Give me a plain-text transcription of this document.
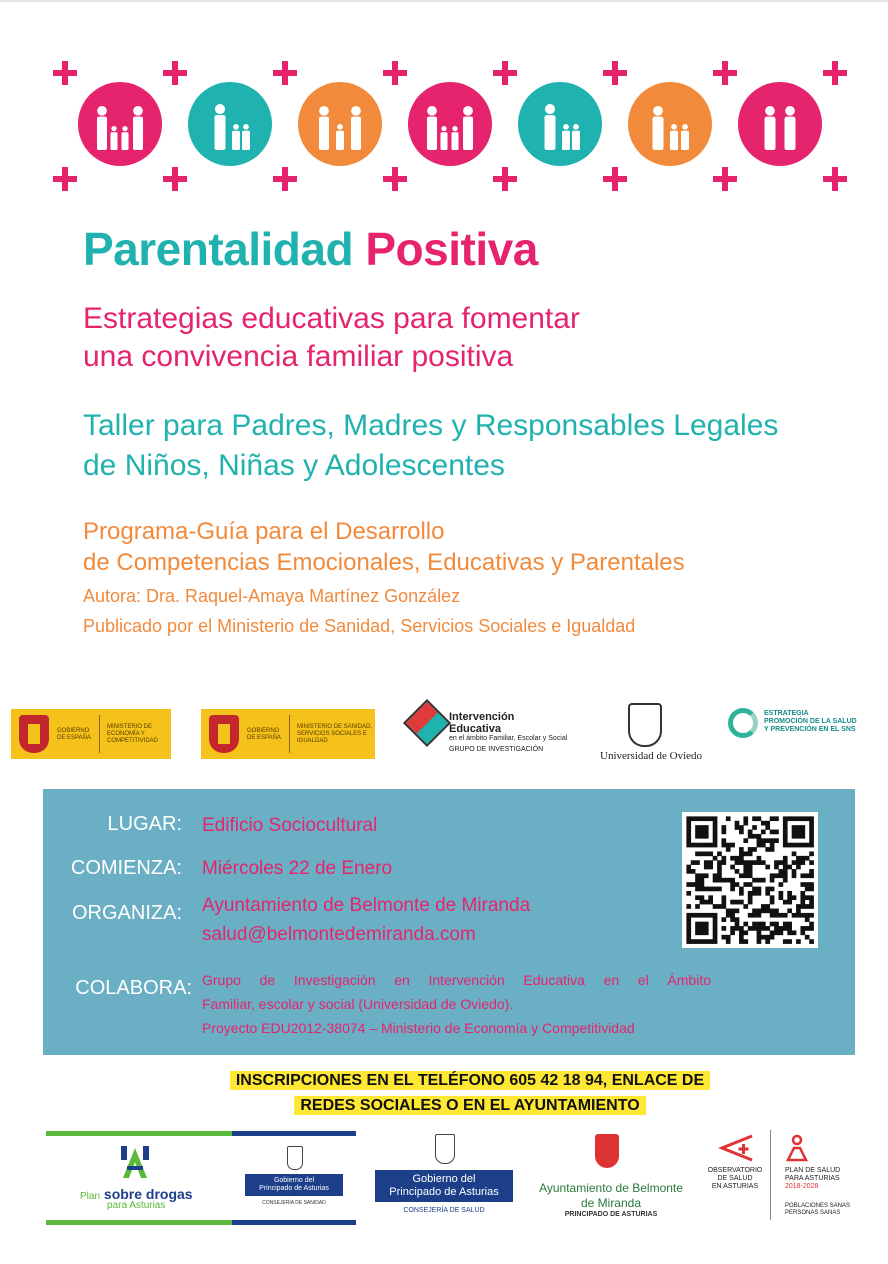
Parentalidad Positiva
Estrategias educativas para fomentar
una convivencia familiar positiva
Taller para Padres, Madres y Responsables Legales
de Niños, Niñas y Adolescentes
Programa-Guía para el Desarrollo
de Competencias Emocionales, Educativas y Parentales
Autora: Dra. Raquel-Amaya Martínez González
Publicado por el Ministerio de Sanidad, Servicios Sociales e Igualdad
GOBIERNO DE ESPAÑA
MINISTERIO DE ECONOMÍA Y COMPETITIVIDAD
GOBIERNO DE ESPAÑA
MINISTERIO DE SANIDAD, SERVICIOS SOCIALES E IGUALDAD
Intervención
Educativa
en el ámbito Familiar, Escolar y Social
GRUPO DE INVESTIGACIÓN
Universidad de Oviedo
ESTRATEGIA
PROMOCIÓN DE LA SALUD
Y PREVENCIÓN EN EL SNS
LUGAR: Edificio Sociocultural
COMIENZA: Miércoles 22 de Enero
ORGANIZA: Ayuntamiento de Belmonte de Miranda
salud@belmontedemiranda.com
COLABORA: Grupo de Investigación en Intervención Educativa en el Ámbito

Familiar, escolar y social (Universidad de Oviedo).
Proyecto EDU2012-38074 – Ministerio de Economía y Competitividad
INSCRIPCIONES EN EL TELÉFONO 605 42 18 94, ENLACE DE
REDES SOCIALES O EN EL AYUNTAMIENTO
Plan sobre drogas
para Asturias
Gobierno del
Principado de Asturias
CONSEJERÍA DE SANIDAD
Gobierno del
Principado de Asturias
CONSEJERÍA DE SALUD
Ayuntamiento de Belmonte
de Miranda
PRINCIPADO DE ASTURIAS
OBSERVATORIO
DE SALUD
EN ASTURIAS
PLAN DE SALUD
PARA ASTURIAS
2018-2028
POBLACIONES SANAS
PERSONAS SANAS
